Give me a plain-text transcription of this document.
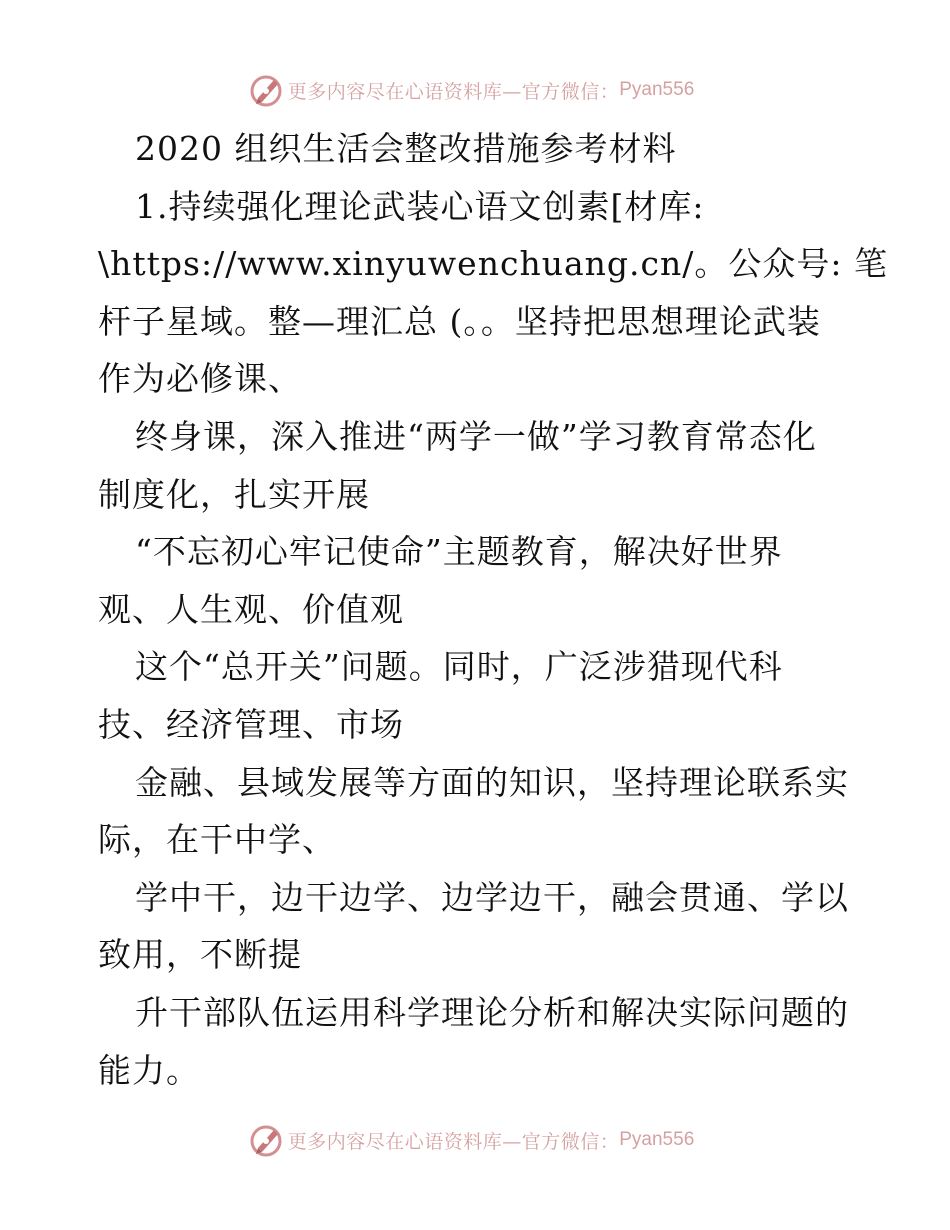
更多内容尽在心语资料库—官方微信： Pyan556
2020 组织生活会整改措施参考材料
1.持续强化理论武装心语文创素[材库:
\https://www.xinyuwenchuang.cn/。公众号: 笔
杆子星域。整—理汇总 (。。坚持把思想理论武装
作为必修课、
终身课，深入推进“两学一做”学习教育常态化
制度化，扎实开展
“不忘初心牢记使命”主题教育，解决好世界
观、人生观、价值观
这个“总开关”问题。同时，广泛涉猎现代科
技、经济管理、市场
金融、县域发展等方面的知识，坚持理论联系实
际，在干中学、
学中干，边干边学、边学边干，融会贯通、学以
致用，不断提
升干部队伍运用科学理论分析和解决实际问题的
能力。
更多内容尽在心语资料库—官方微信： Pyan556
